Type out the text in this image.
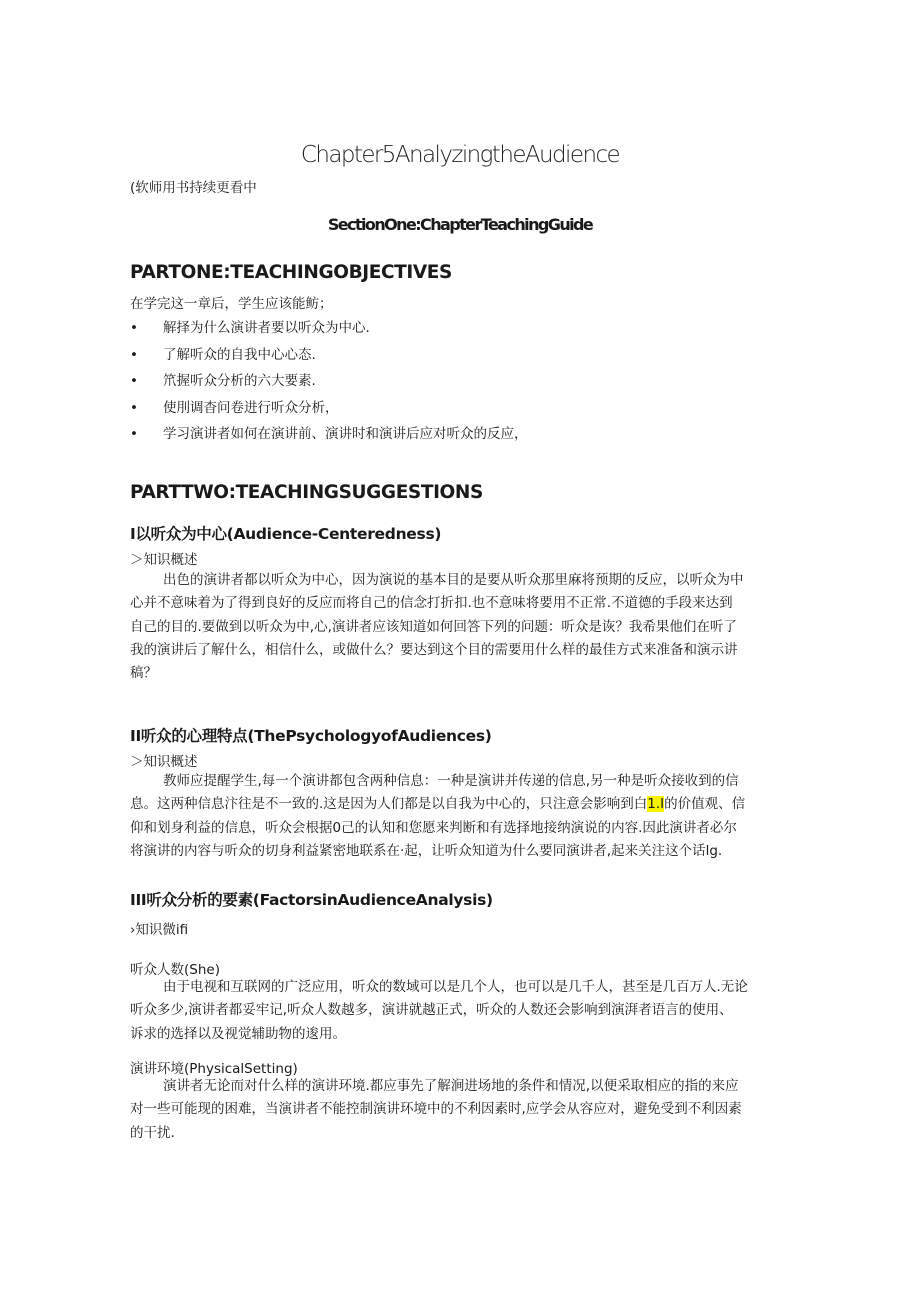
Chapter5AnalyzingtheAudience
(软师用书持续更看中
SectionOne:ChapterTeachingGuide
PARTONE:TEACHINGOBJECTIVES
在学完这一章后，学生应该能鲂；
• 解择为什么演讲者要以听众为中心.
• 了解听众的自我中心心态.
• 笊握听众分析的六大要素.
• 使刖调杳问卷进行听众分析，
• 学习演讲者如何在演讲前、演讲时和演讲后应对听众的反应，
PARTTWO:TEACHINGSUGGESTIONS
I以听众为中心(Audience-Centeredness)
＞知识概述
出色的演讲者都以听众为中心，因为演说的基本目的是要从听众那里麻将预期的反应，以听众为中
心并不意味着为了得到良好的反应而将自己的信念打折扣.也不意味将要用不正常.不道德的手段来达到
自己的目的.要做到以听众为中,心,演讲者应该知道如何回答下列的问题：听众是诙？我希果他们在听了
我的演讲后了解什么，相信什么，或做什么？要达到这个目的需要用什么样的最佳方式来准备和演示讲
稿？
II听众的心理特点(ThePsychologyofAudiences)
＞知识概述
教师应提醒学生,每一个演讲都包含两种信息：一种是演讲并传递的信息,另一种是听众接收到的信
息。这两种信息汴往是不一致的.这是因为人们都是以自我为中心的，只注意会影响到白1.I的价值观、信
仰和划身利益的信息，听众会根据0己的认知和您愿来判断和有选择地接纳演说的内容.因此演讲者必尔
将演讲的内容与听众的切身利益紧密地联系在·起，让听众知道为什么要同演讲者,起来关注这个话lg.
III听众分析的要素(FactorsinAudienceAnalysis)
›知识微ifi
听众人数(She)
由于电视和互联网的广泛应用，听众的数域可以是几个人，也可以是几千人，甚至是几百万人.无论
听众多少,演讲者都妥牢记,听众人数越多，演讲就越正式，听众的人数还会影响到演湃者语言的使用、
诉求的选择以及视觉辅助物的逡用。
演讲环境(PhysicalSetting)
演讲者无论而对什么样的演讲环境.都应事先了解涧进场地的条件和情况,以便采取相应的指的来应
对一些可能现的困难，当演讲者不能控制演讲环境中的不利因素时,应学会从容应对，避免受到不利因素
的干扰.
